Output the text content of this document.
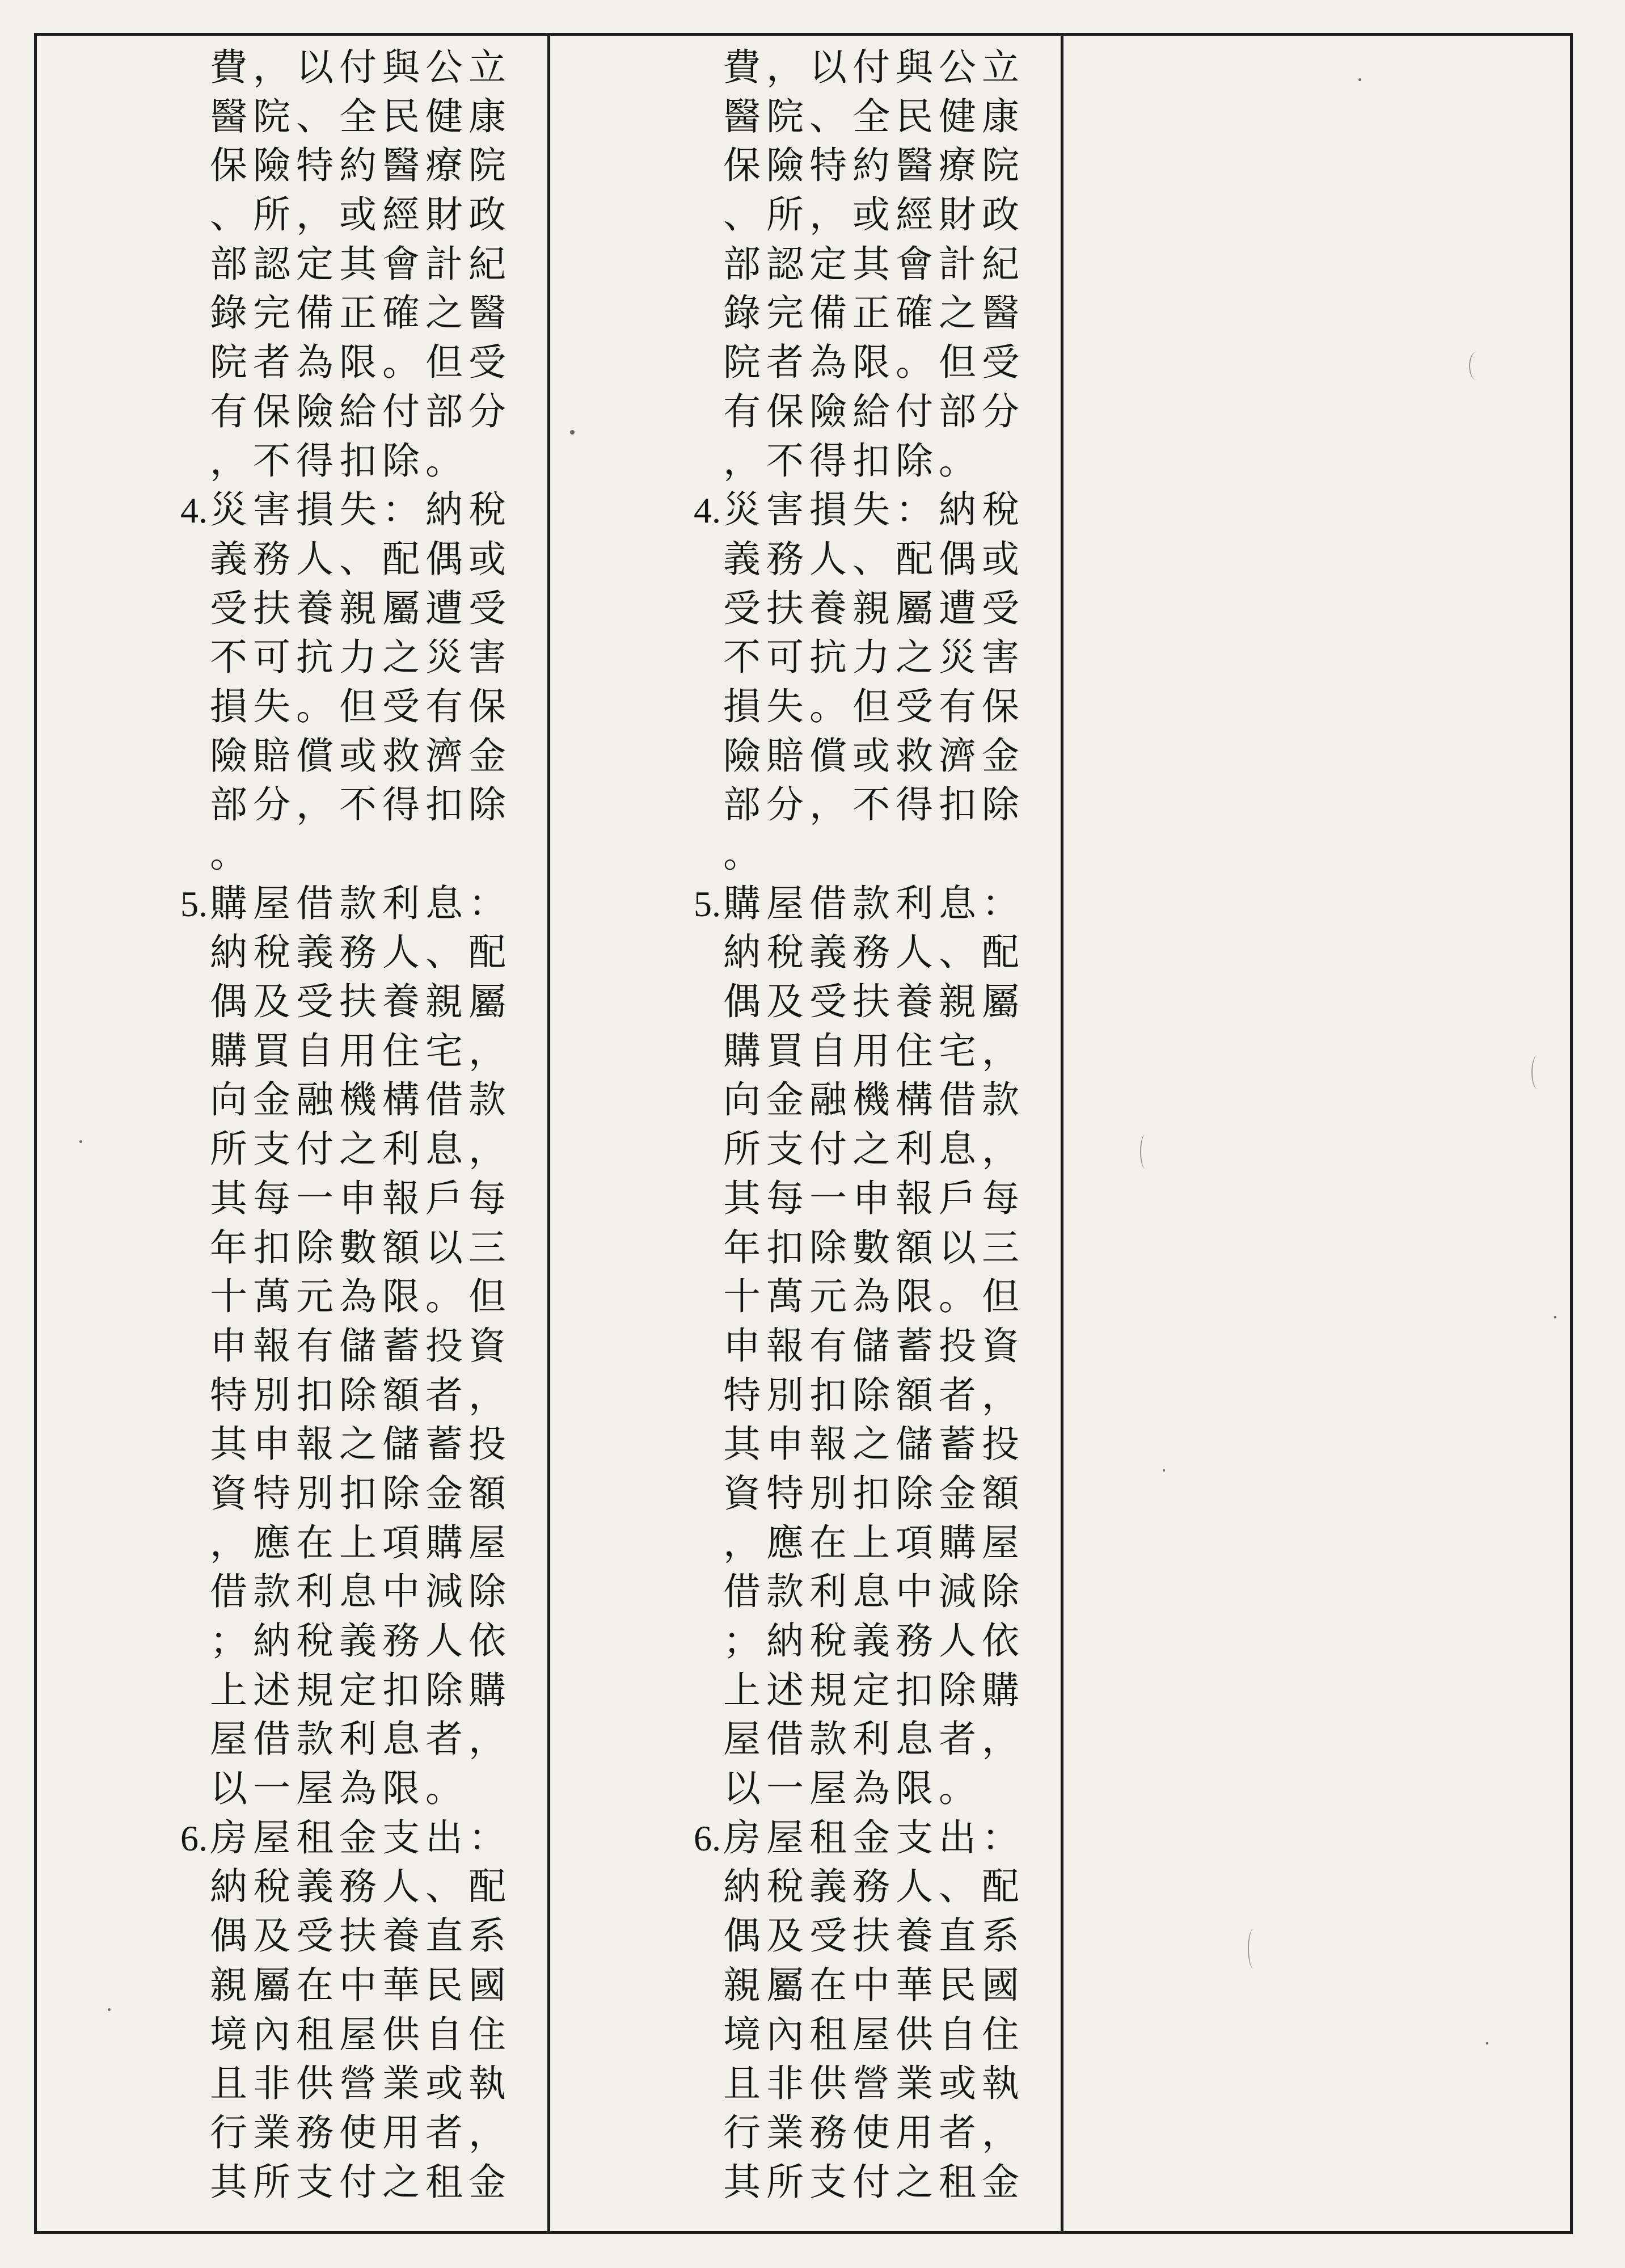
費，以付與公立
醫院、全民健康
保險特約醫療院
、所，或經財政
部認定其會計紀
錄完備正確之醫
院者為限。但受
有保險給付部分
，不得扣除。
4.災害損失：納稅
義務人、配偶或
受扶養親屬遭受
不可抗力之災害
損失。但受有保
險賠償或救濟金
部分，不得扣除
。
5.購屋借款利息：
納稅義務人、配
偶及受扶養親屬
購買自用住宅，
向金融機構借款
所支付之利息，
其每一申報戶每
年扣除數額以三
十萬元為限。但
申報有儲蓄投資
特別扣除額者，
其申報之儲蓄投
資特別扣除金額
，應在上項購屋
借款利息中減除
；納稅義務人依
上述規定扣除購
屋借款利息者，
以一屋為限。
6.房屋租金支出：
納稅義務人、配
偶及受扶養直系
親屬在中華民國
境內租屋供自住
且非供營業或執
行業務使用者，
其所支付之租金
費，以付與公立
醫院、全民健康
保險特約醫療院
、所，或經財政
部認定其會計紀
錄完備正確之醫
院者為限。但受
有保險給付部分
，不得扣除。
4.災害損失：納稅
義務人、配偶或
受扶養親屬遭受
不可抗力之災害
損失。但受有保
險賠償或救濟金
部分，不得扣除
。
5.購屋借款利息：
納稅義務人、配
偶及受扶養親屬
購買自用住宅，
向金融機構借款
所支付之利息，
其每一申報戶每
年扣除數額以三
十萬元為限。但
申報有儲蓄投資
特別扣除額者，
其申報之儲蓄投
資特別扣除金額
，應在上項購屋
借款利息中減除
；納稅義務人依
上述規定扣除購
屋借款利息者，
以一屋為限。
6.房屋租金支出：
納稅義務人、配
偶及受扶養直系
親屬在中華民國
境內租屋供自住
且非供營業或執
行業務使用者，
其所支付之租金
